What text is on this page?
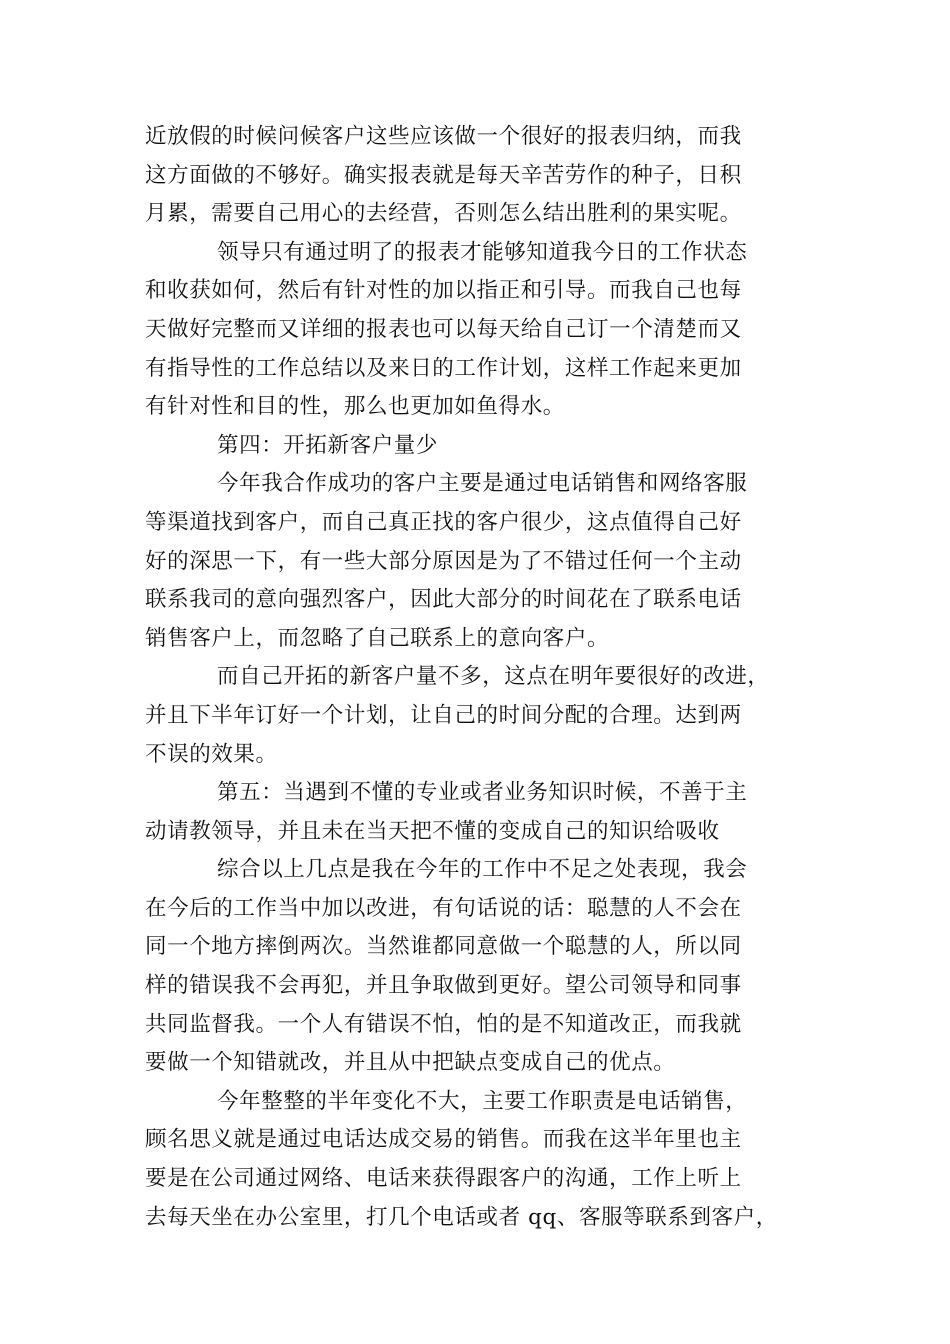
近放假的时候问候客户这些应该做一个很好的报表归纳，而我
这方面做的不够好。确实报表就是每天辛苦劳作的种子，日积
月累，需要自己用心的去经营，否则怎么结出胜利的果实呢。
领导只有通过明了的报表才能够知道我今日的工作状态
和收获如何，然后有针对性的加以指正和引导。而我自己也每
天做好完整而又详细的报表也可以每天给自己订一个清楚而又
有指导性的工作总结以及来日的工作计划，这样工作起来更加
有针对性和目的性，那么也更加如鱼得水。
第四：开拓新客户量少
今年我合作成功的客户主要是通过电话销售和网络客服
等渠道找到客户，而自己真正找的客户很少，这点值得自己好
好的深思一下，有一些大部分原因是为了不错过任何一个主动
联系我司的意向强烈客户，因此大部分的时间花在了联系电话
销售客户上，而忽略了自己联系上的意向客户。
而自己开拓的新客户量不多，这点在明年要很好的改进，
并且下半年订好一个计划，让自己的时间分配的合理。达到两
不误的效果。
第五：当遇到不懂的专业或者业务知识时候，不善于主
动请教领导，并且未在当天把不懂的变成自己的知识给吸收
综合以上几点是我在今年的工作中不足之处表现，我会
在今后的工作当中加以改进，有句话说的话：聪慧的人不会在
同一个地方摔倒两次。当然谁都同意做一个聪慧的人，所以同
样的错误我不会再犯，并且争取做到更好。望公司领导和同事
共同监督我。一个人有错误不怕，怕的是不知道改正，而我就
要做一个知错就改，并且从中把缺点变成自己的优点。
今年整整的半年变化不大，主要工作职责是电话销售，
顾名思义就是通过电话达成交易的销售。而我在这半年里也主
要是在公司通过网络、电话来获得跟客户的沟通，工作上听上
去每天坐在办公室里，打几个电话或者 qq、客服等联系到客户，
